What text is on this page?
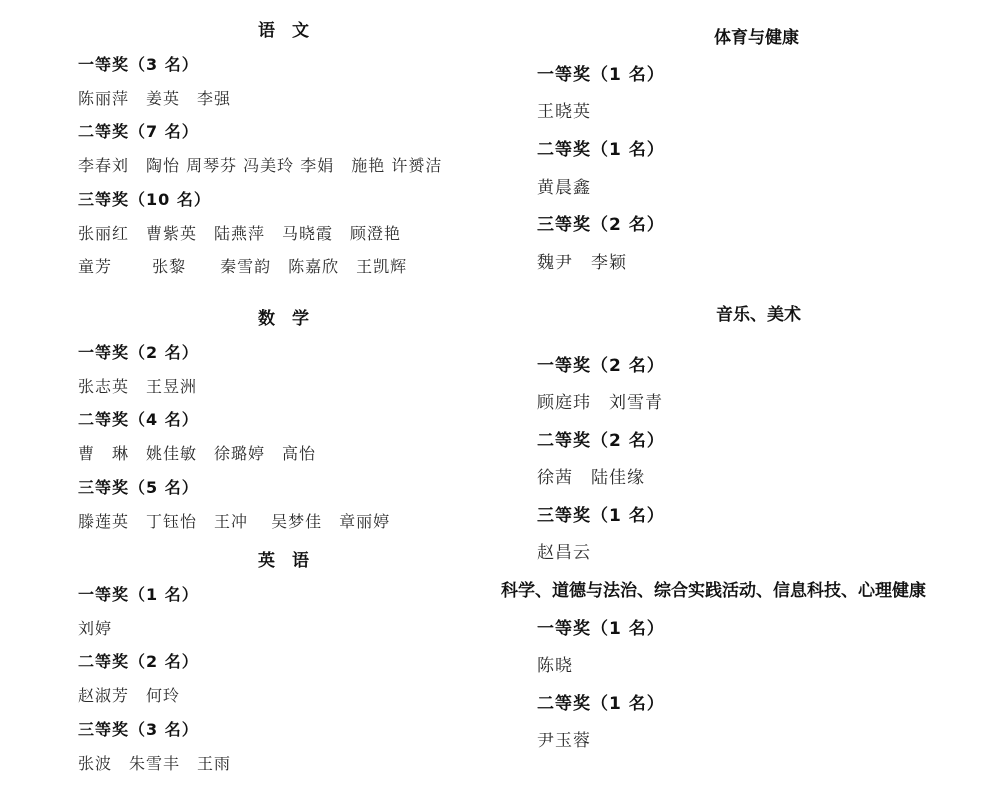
语　文
一等奖（3 名）
陈丽萍　姜英　李强
二等奖（7 名）
李春刘　陶怡 周琴芬 冯美玲 李娟　施艳 许赟洁
三等奖（10 名）
张丽红　曹紫英　陆燕萍　马晓霞　顾澄艳
童芳　　 张黎　　秦雪韵　陈嘉欣　王凯辉
数　学
一等奖（2 名）
张志英　王昱洲
二等奖（4 名）
曹　琳　姚佳敏　徐璐婷　高怡
三等奖（5 名）
滕莲英　丁钰怡　王冲　 吴梦佳　章丽婷
英　语
一等奖（1 名）
刘婷
二等奖（2 名）
赵淑芳　何玲
三等奖（3 名）
张波　朱雪丰　王雨
体育与健康
一等奖（1 名）
王晓英
二等奖（1 名）
黄晨鑫
三等奖（2 名）
魏尹　李颖
音乐、美术
一等奖（2 名）
顾庭玮　刘雪青
二等奖（2 名）
徐茜　陆佳缘
三等奖（1 名）
赵昌云
科学、道德与法治、综合实践活动、信息科技、心理健康
一等奖（1 名）
陈晓
二等奖（1 名）
尹玉蓉
